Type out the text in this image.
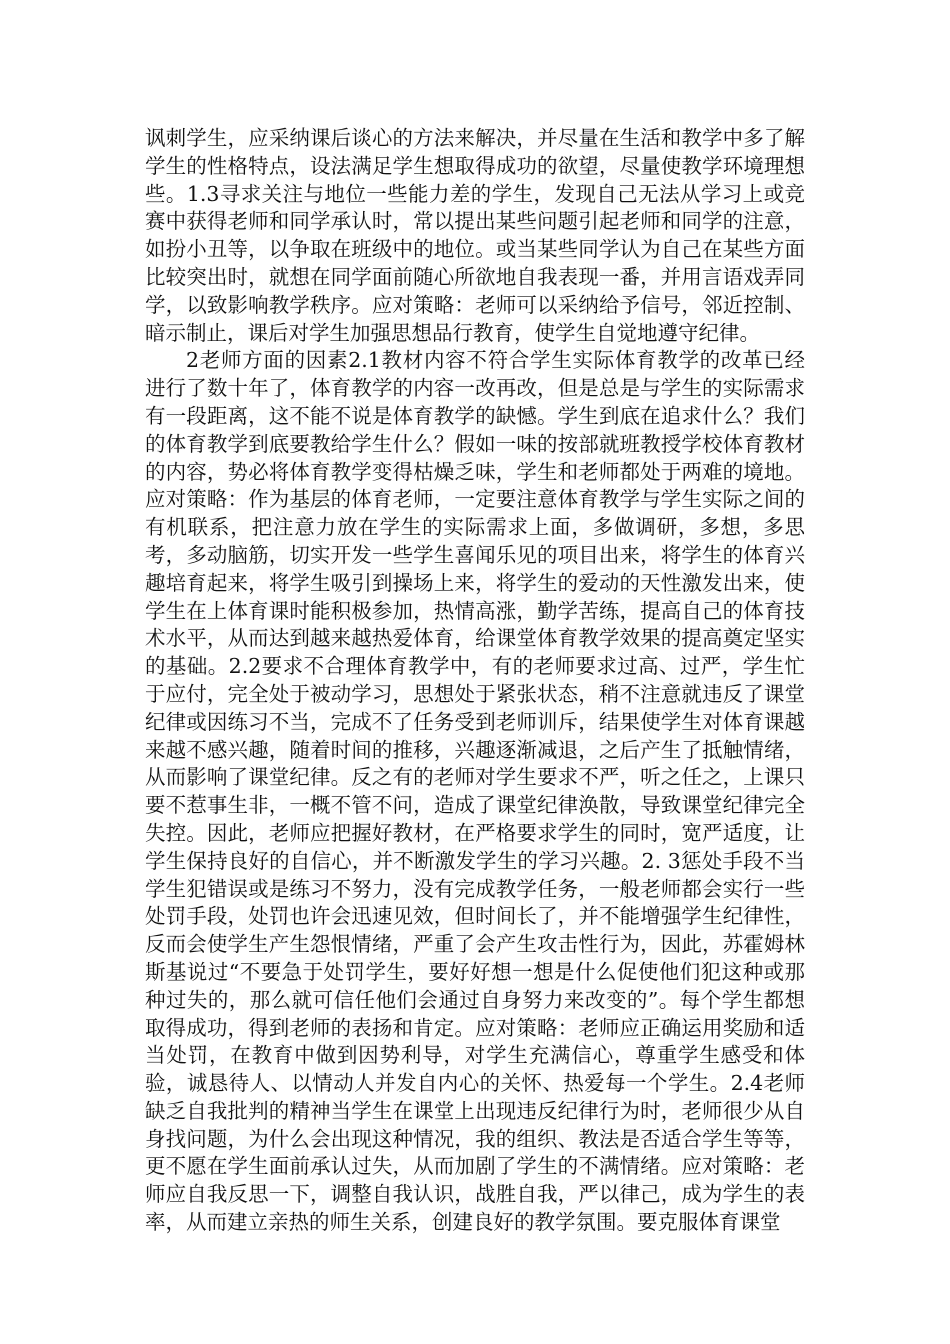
讽刺学生，应采纳课后谈心的方法来解决，并尽量在生活和教学中多了解学生的性格特点，设法满足学生想取得成功的欲望，尽量使教学环境理想些。1.3寻求关注与地位一些能力差的学生，发现自己无法从学习上或竞赛中获得老师和同学承认时，常以提出某些问题引起老师和同学的注意，如扮小丑等，以争取在班级中的地位。或当某些同学认为自己在某些方面比较突出时，就想在同学面前随心所欲地自我表现一番，并用言语戏弄同学，以致影响教学秩序。应对策略：老师可以采纳给予信号，邻近控制、暗示制止，课后对学生加强思想品行教育，使学生自觉地遵守纪律。

2老师方面的因素2.1教材内容不符合学生实际体育教学的改革已经进行了数十年了，体育教学的内容一改再改，但是总是与学生的实际需求有一段距离，这不能不说是体育教学的缺憾。学生到底在追求什么？我们的体育教学到底要教给学生什么？假如一味的按部就班教授学校体育教材的内容，势必将体育教学变得枯燥乏味，学生和老师都处于两难的境地。应对策略：作为基层的体育老师，一定要注意体育教学与学生实际之间的有机联系，把注意力放在学生的实际需求上面，多做调研，多想，多思考，多动脑筋，切实开发一些学生喜闻乐见的项目出来，将学生的体育兴趣培育起来，将学生吸引到操场上来，将学生的爱动的天性激发出来，使学生在上体育课时能积极参加，热情高涨，勤学苦练，提高自己的体育技术水平，从而达到越来越热爱体育，给课堂体育教学效果的提高奠定坚实的基础。2.2要求不合理体育教学中，有的老师要求过高、过严，学生忙于应付，完全处于被动学习，思想处于紧张状态，稍不注意就违反了课堂纪律或因练习不当，完成不了任务受到老师训斥，结果使学生对体育课越来越不感兴趣，随着时间的推移，兴趣逐渐减退，之后产生了抵触情绪，从而影响了课堂纪律。反之有的老师对学生要求不严，听之任之，上课只要不惹事生非，一概不管不问，造成了课堂纪律涣散，导致课堂纪律完全失控。因此，老师应把握好教材，在严格要求学生的同时，宽严适度，让学生保持良好的自信心，并不断激发学生的学习兴趣。2. 3惩处手段不当学生犯错误或是练习不努力，没有完成教学任务，一般老师都会实行一些处罚手段，处罚也许会迅速见效，但时间长了，并不能增强学生纪律性，反而会使学生产生怨恨情绪，严重了会产生攻击性行为，因此，苏霍姆林斯基说过“不要急于处罚学生，要好好想一想是什么促使他们犯这种或那种过失的，那么就可信任他们会通过自身努力来改变的”。每个学生都想取得成功，得到老师的表扬和肯定。应对策略：老师应正确运用奖励和适当处罚，在教育中做到因势利导，对学生充满信心，尊重学生感受和体验，诚恳待人、以情动人并发自内心的关怀、热爱每一个学生。2.4老师缺乏自我批判的精神当学生在课堂上出现违反纪律行为时，老师很少从自身找问题，为什么会出现这种情况，我的组织、教法是否适合学生等等，更不愿在学生面前承认过失，从而加剧了学生的不满情绪。应对策略：老师应自我反思一下，调整自我认识，战胜自我，严以律己，成为学生的表率，从而建立亲热的师生关系，创建良好的教学氛围。要克服体育课堂
